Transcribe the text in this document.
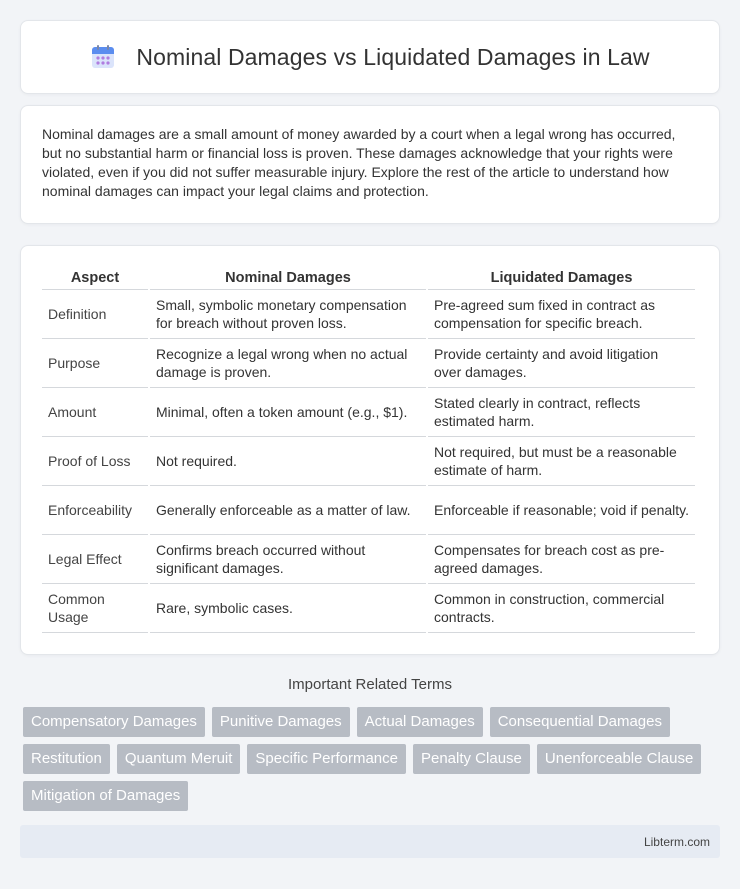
Nominal Damages vs Liquidated Damages in Law

Nominal damages are a small amount of money awarded by a court when a legal wrong has occurred, but no substantial harm or financial loss is proven. These damages acknowledge that your rights were violated, even if you did not suffer measurable injury. Explore the rest of the article to understand how nominal damages can impact your legal claims and protection.

Aspect	Nominal Damages	Liquidated Damages
Definition	Small, symbolic monetary compensation for breach without proven loss.	Pre-agreed sum fixed in contract as compensation for specific breach.
Purpose	Recognize a legal wrong when no actual damage is proven.	Provide certainty and avoid litigation over damages.
Amount	Minimal, often a token amount (e.g., $1).	Stated clearly in contract, reflects estimated harm.
Proof of Loss	Not required.	Not required, but must be a reasonable estimate of harm.
Enforceability	Generally enforceable as a matter of law.	Enforceable if reasonable; void if penalty.
Legal Effect	Confirms breach occurred without significant damages.	Compensates for breach cost as pre-agreed damages.
Common Usage	Rare, symbolic cases.	Common in construction, commercial contracts.
Important Related Terms
Compensatory Damages	Punitive Damages	Actual Damages	Consequential Damages
Restitution	Quantum Meruit	Specific Performance	Penalty Clause	Unenforceable Clause
Mitigation of Damages
Libterm.com
